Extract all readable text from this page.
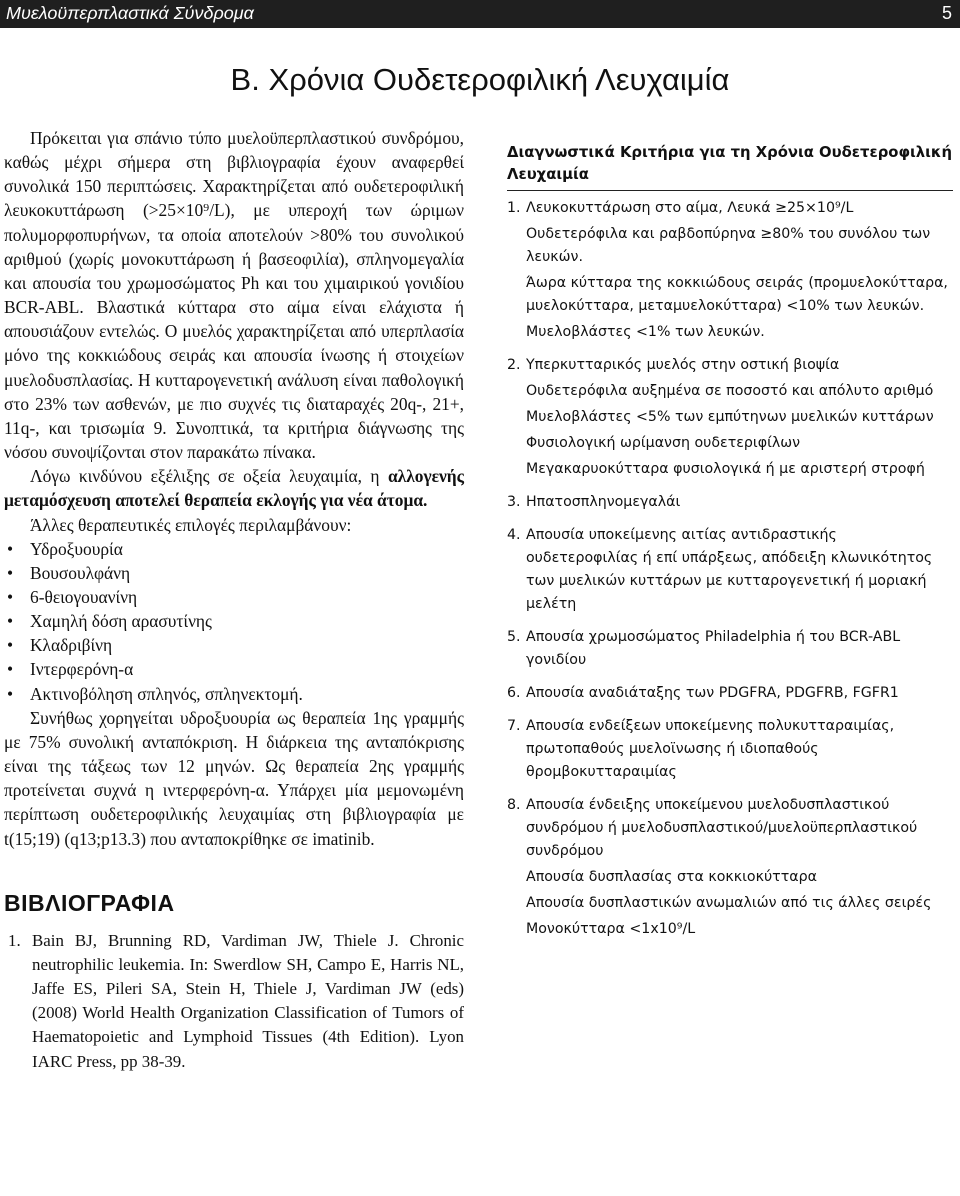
Μυελοϋπερπλαστικά Σύνδρομα	5
Β. Χρόνια Ουδετεροφιλική Λευχαιμία

Πρόκειται για σπάνιο τύπο μυελοϋπερπλαστικού συνδρόμου, καθώς μέχρι σήμερα στη βιβλιογραφία έχουν αναφερθεί συνολικά 150 περιπτώσεις. Χαρακτηρίζεται από ουδετεροφιλική λευκοκυττάρωση (>25×10⁹/L), με υπεροχή των ώριμων πολυμορφοπυρήνων, τα οποία αποτελούν >80% του συνολικού αριθμού (χωρίς μονοκυττάρωση ή βασεοφιλία), σπληνομεγαλία και απουσία του χρωμοσώματος Ph και του χιμαιρικού γονιδίου BCR-ABL. Βλαστικά κύτταρα στο αίμα είναι ελάχιστα ή απουσιάζουν εντελώς. Ο μυελός χαρακτηρίζεται από υπερπλασία μόνο της κοκκιώδους σειράς και απουσία ίνωσης ή στοιχείων μυελοδυσπλασίας. Η κυτταρογενετική ανάλυση είναι παθολογική στο 23% των ασθενών, με πιο συχνές τις διαταραχές 20q-, 21+, 11q-, και τρισωμία 9. Συνοπτικά, τα κριτήρια διάγνωσης της νόσου συνοψίζονται στον παρακάτω πίνακα.

Λόγω κινδύνου εξέλιξης σε οξεία λευχαιμία, η αλλογενής μεταμόσχευση αποτελεί θεραπεία εκλογής για νέα άτομα.

Άλλες θεραπευτικές επιλογές περιλαμβάνουν:

• Υδροξυουρία
• Βουσουλφάνη
• 6-θειογουανίνη
• Χαμηλή δόση αρασυτίνης
• Κλαδριβίνη
• Ιντερφερόνη-α
• Ακτινοβόληση σπληνός, σπληνεκτομή.

Συνήθως χορηγείται υδροξυουρία ως θεραπεία 1ης γραμμής με 75% συνολική ανταπόκριση. Η διάρκεια της ανταπόκρισης είναι της τάξεως των 12 μηνών. Ως θεραπεία 2ης γραμμής προτείνεται συχνά η ιντερφερόνη-α. Υπάρχει μία μεμονωμένη περίπτωση ουδετεροφιλικής λευχαιμίας στη βιβλιογραφία με t(15;19) (q13;p13.3) που ανταποκρίθηκε σε imatinib.

ΒΙΒΛΙΟΓΡΑΦΙΑ
1. Bain BJ, Brunning RD, Vardiman JW, Thiele J. Chronic neutrophilic leukemia. In: Swerdlow SH, Campo E, Harris NL, Jaffe ES, Pileri SA, Stein H, Thiele J, Vardiman JW (eds) (2008) World Health Organization Classification of Tumors of Haematopoietic and Lymphoid Tissues (4th Edition). Lyon IARC Press, pp 38-39.
Διαγνωστικά Κριτήρια για τη Χρόνια Ουδετεροφιλική Λευχαιμία
1. Λευκοκυττάρωση στο αίμα, Λευκά ≥25×10⁹/L
Ουδετερόφιλα και ραβδοπύρηνα ≥80% του συνόλου των λευκών.
Άωρα κύτταρα της κοκκιώδους σειράς (προμυελοκύτταρα, μυελοκύτταρα, μεταμυελοκύτταρα) <10% των λευκών.
Μυελοβλάστες <1% των λευκών.
2. Υπερκυτταρικός μυελός στην οστική βιοψία
Ουδετερόφιλα αυξημένα σε ποσοστό και απόλυτο αριθμό
Μυελοβλάστες <5% των εμπύτηνων μυελικών κυττάρων
Φυσιολογική ωρίμανση ουδετεριφίλων
Μεγακαρυοκύτταρα φυσιολογικά ή με αριστερή στροφή
3. Ηπατοσπληνομεγαλάι
4. Απουσία υποκείμενης αιτίας αντιδραστικής ουδετεροφιλίας ή επί υπάρξεως, απόδειξη κλωνικότητος των μυελικών κυττάρων με κυτταρογενετική ή μοριακή μελέτη
5. Απουσία χρωμοσώματος Philadelphia ή του BCR-ABL γονιδίου
6. Απουσία αναδιάταξης των PDGFRA, PDGFRB, FGFR1
7. Απουσία ενδείξεων υποκείμενης πολυκυτταραιμίας, πρωτοπαθούς μυελοϊνωσης ή ιδιοπαθούς θρομβοκυτταραιμίας
8. Απουσία ένδειξης υποκείμενου μυελοδυσπλαστικού συνδρόμου ή μυελοδυσπλαστικού/μυελοϋπερπλαστικού συνδρόμου
Απουσία δυσπλασίας στα κοκκιοκύτταρα
Απουσία δυσπλαστικών ανωμαλιών από τις άλλες σειρές
Μονοκύτταρα <1x10⁹/L
